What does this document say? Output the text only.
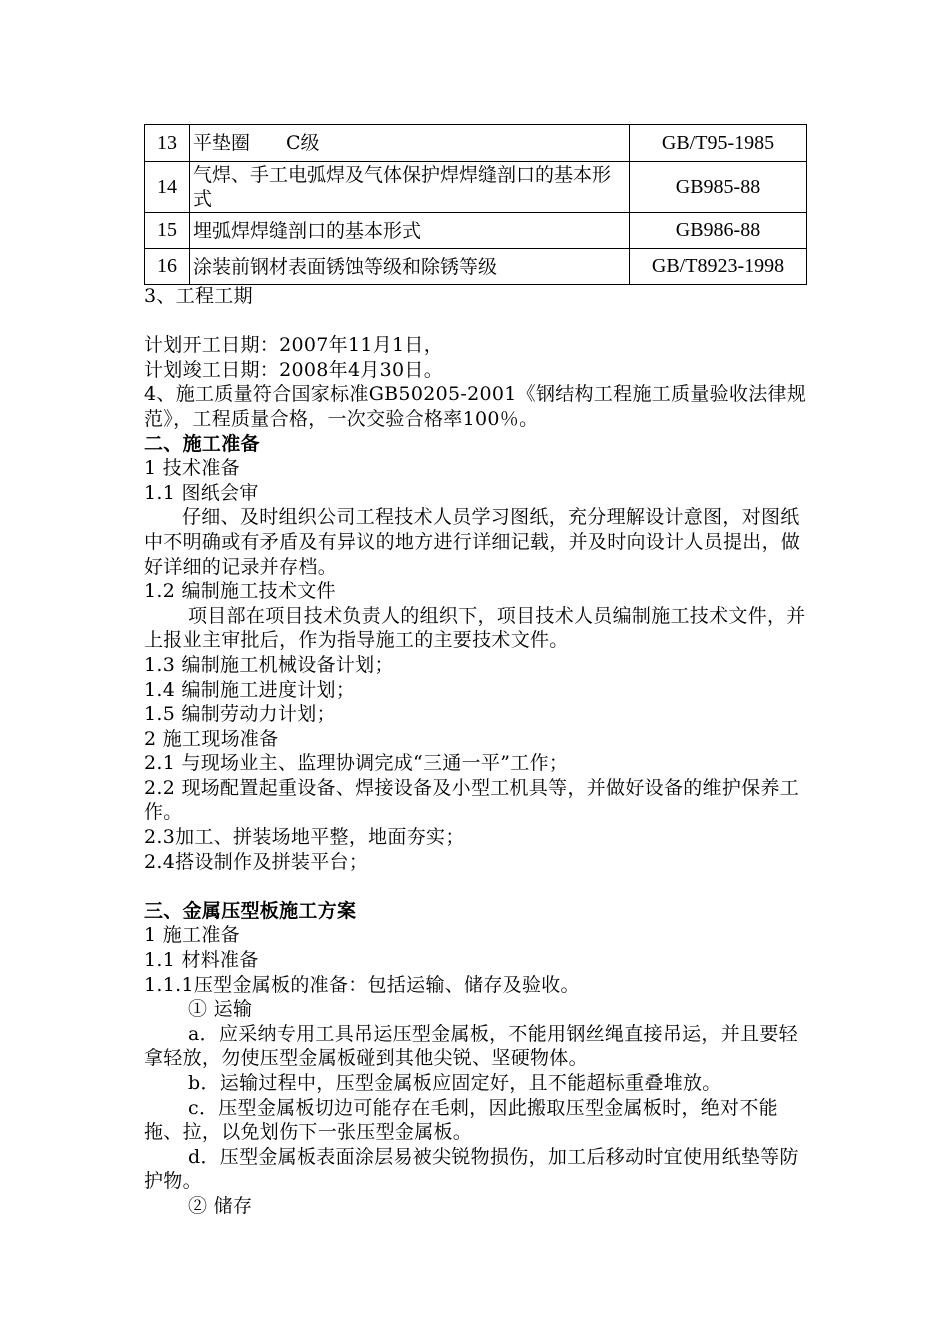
13	平垫圈 C级	GB/T95-1985
14	气焊、手工电弧焊及气体保护焊焊缝剖口的基本形式	GB985-88
15	埋弧焊焊缝剖口的基本形式	GB986-88
16	涂装前钢材表面锈蚀等级和除锈等级	GB/T8923-1998

3、工程工期

计划开工日期：2007年11月1日，

计划竣工日期：2008年4月30日。

4、施工质量符合国家标准GB50205-2001《钢结构工程施工质量验收法律规范》，工程质量合格，一次交验合格率100％。

二、施工准备

1 技术准备

1.1 图纸会审

仔细、及时组织公司工程技术人员学习图纸，充分理解设计意图，对图纸中不明确或有矛盾及有异议的地方进行详细记载，并及时向设计人员提出，做好详细的记录并存档。

1.2 编制施工技术文件

项目部在项目技术负责人的组织下，项目技术人员编制施工技术文件，并上报业主审批后，作为指导施工的主要技术文件。

1.3 编制施工机械设备计划；

1.4 编制施工进度计划；

1.5 编制劳动力计划；

2 施工现场准备

2.1 与现场业主、监理协调完成“三通一平”工作；

2.2 现场配置起重设备、焊接设备及小型工机具等，并做好设备的维护保养工作。

2.3加工、拼装场地平整，地面夯实；

2.4搭设制作及拼装平台；

三、金属压型板施工方案

1 施工准备

1.1 材料准备

1.1.1压型金属板的准备：包括运输、储存及验收。

① 运输

a．应采纳专用工具吊运压型金属板，不能用钢丝绳直接吊运，并且要轻拿轻放，勿使压型金属板碰到其他尖锐、坚硬物体。

b．运输过程中，压型金属板应固定好，且不能超标重叠堆放。

c．压型金属板切边可能存在毛刺，因此搬取压型金属板时，绝对不能拖、拉，以免划伤下一张压型金属板。

d．压型金属板表面涂层易被尖锐物损伤，加工后移动时宜使用纸垫等防护物。

② 储存
